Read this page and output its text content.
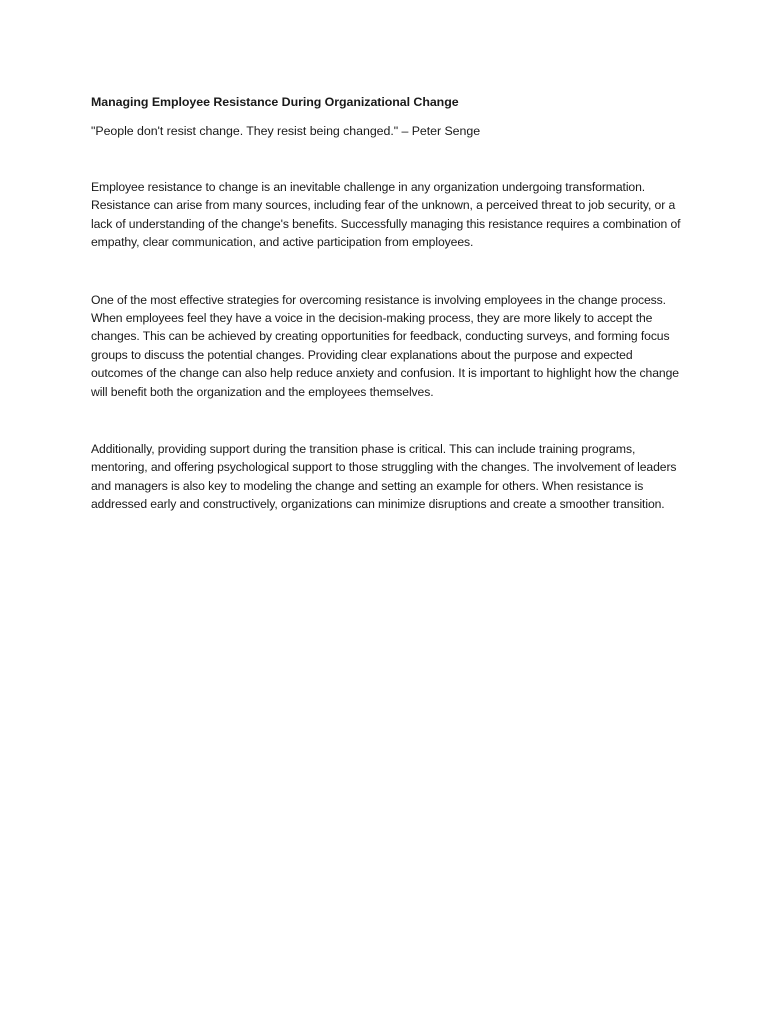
Managing Employee Resistance During Organizational Change

"People don't resist change. They resist being changed." – Peter Senge

Employee resistance to change is an inevitable challenge in any organization undergoing transformation. Resistance can arise from many sources, including fear of the unknown, a perceived threat to job security, or a lack of understanding of the change's benefits. Successfully managing this resistance requires a combination of empathy, clear communication, and active participation from employees.

One of the most effective strategies for overcoming resistance is involving employees in the change process. When employees feel they have a voice in the decision-making process, they are more likely to accept the changes. This can be achieved by creating opportunities for feedback, conducting surveys, and forming focus groups to discuss the potential changes. Providing clear explanations about the purpose and expected outcomes of the change can also help reduce anxiety and confusion. It is important to highlight how the change will benefit both the organization and the employees themselves.

Additionally, providing support during the transition phase is critical. This can include training programs, mentoring, and offering psychological support to those struggling with the changes. The involvement of leaders and managers is also key to modeling the change and setting an example for others. When resistance is addressed early and constructively, organizations can minimize disruptions and create a smoother transition.
